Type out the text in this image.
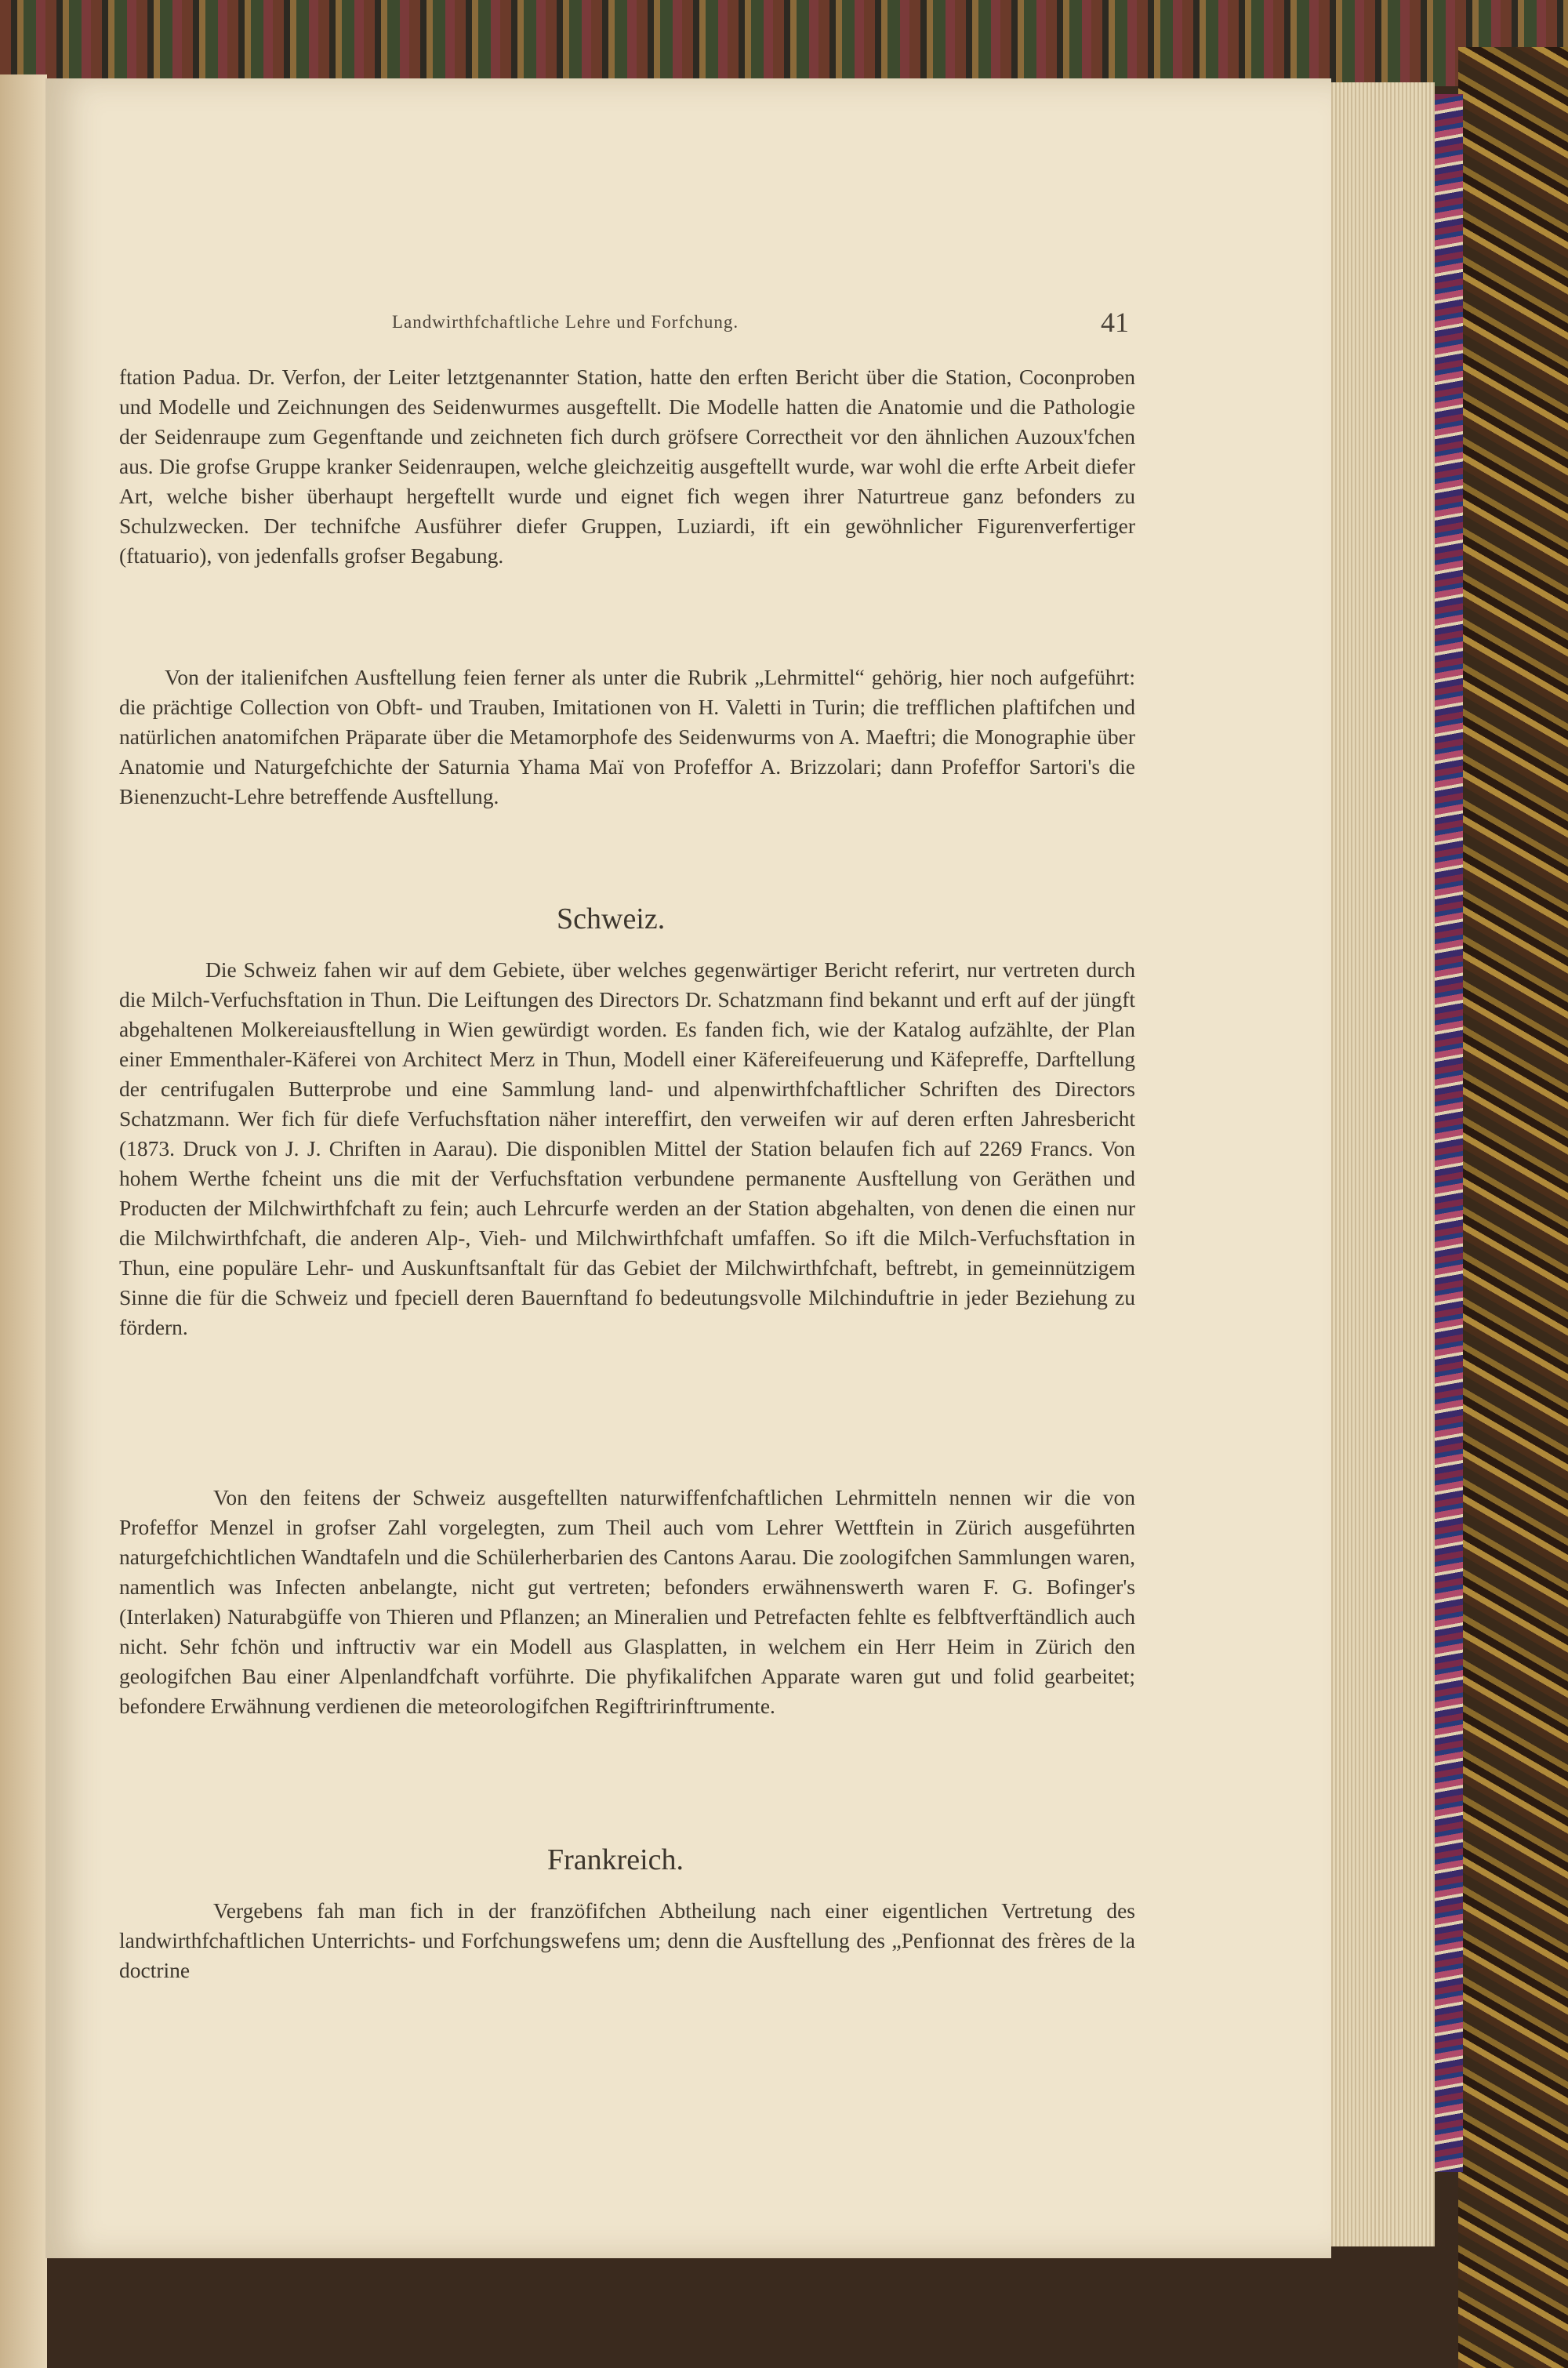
Landwirthfchaftliche Lehre und Forfchung.	41

ftation Padua. Dr. Verfon, der Leiter letztgenannter Station, hatte den erften Bericht über die Station, Coconproben und Modelle und Zeichnungen des Seidenwurmes ausgeftellt. Die Modelle hatten die Anatomie und die Pathologie der Seidenraupe zum Gegenftande und zeichneten fich durch gröfsere Correctheit vor den ähnlichen Auzoux'fchen aus. Die grofse Gruppe kranker Seidenraupen, welche gleichzeitig ausgeftellt wurde, war wohl die erfte Arbeit diefer Art, welche bisher überhaupt hergeftellt wurde und eignet fich wegen ihrer Naturtreue ganz befonders zu Schulzwecken. Der technifche Ausführer diefer Gruppen, Luziardi, ift ein gewöhnlicher Figurenverfertiger (ftatuario), von jedenfalls grofser Begabung.

Von der italienifchen Ausftellung feien ferner als unter die Rubrik „Lehrmittel“ gehörig, hier noch aufgeführt: die prächtige Collection von Obft- und Trauben, Imitationen von H. Valetti in Turin; die trefflichen plaftifchen und natürlichen anatomifchen Präparate über die Metamorphofe des Seidenwurms von A. Maeftri; die Monographie über Anatomie und Naturgefchichte der Saturnia Yhama Maï von Profeffor A. Brizzolari; dann Profeffor Sartori's die Bienenzucht-Lehre betreffende Ausftellung.

Schweiz.

Die Schweiz fahen wir auf dem Gebiete, über welches gegenwärtiger Bericht referirt, nur vertreten durch die Milch-Verfuchsftation in Thun. Die Leiftungen des Directors Dr. Schatzmann find bekannt und erft auf der jüngft abgehaltenen Molkereiausftellung in Wien gewürdigt worden. Es fanden fich, wie der Katalog aufzählte, der Plan einer Emmenthaler-Käferei von Architect Merz in Thun, Modell einer Käfereifeuerung und Käfepreffe, Darftellung der centrifugalen Butterprobe und eine Sammlung land- und alpenwirthfchaftlicher Schriften des Directors Schatzmann. Wer fich für diefe Verfuchsftation näher intereffirt, den verweifen wir auf deren erften Jahresbericht (1873. Druck von J. J. Chriften in Aarau). Die disponiblen Mittel der Station belaufen fich auf 2269 Francs. Von hohem Werthe fcheint uns die mit der Verfuchsftation verbundene permanente Ausftellung von Geräthen und Producten der Milchwirthfchaft zu fein; auch Lehrcurfe werden an der Station abgehalten, von denen die einen nur die Milchwirthfchaft, die anderen Alp-, Vieh- und Milchwirthfchaft umfaffen. So ift die Milch-Verfuchsftation in Thun, eine populäre Lehr- und Auskunftsanftalt für das Gebiet der Milchwirthfchaft, beftrebt, in gemeinnützigem Sinne die für die Schweiz und fpeciell deren Bauernftand fo bedeutungsvolle Milchinduftrie in jeder Beziehung zu fördern.

Von den feitens der Schweiz ausgeftellten naturwiffenfchaftlichen Lehrmitteln nennen wir die von Profeffor Menzel in grofser Zahl vorgelegten, zum Theil auch vom Lehrer Wettftein in Zürich ausgeführten naturgefchichtlichen Wandtafeln und die Schülerherbarien des Cantons Aarau. Die zoologifchen Sammlungen waren, namentlich was Infecten anbelangte, nicht gut vertreten; befonders erwähnenswerth waren F. G. Bofinger's (Interlaken) Naturabgüffe von Thieren und Pflanzen; an Mineralien und Petrefacten fehlte es felbftverftändlich auch nicht. Sehr fchön und inftructiv war ein Modell aus Glasplatten, in welchem ein Herr Heim in Zürich den geologifchen Bau einer Alpenlandfchaft vorführte. Die phyfikalifchen Apparate waren gut und folid gearbeitet; befondere Erwähnung verdienen die meteorologifchen Regiftririnftrumente.

Frankreich.

Vergebens fah man fich in der franzöfifchen Abtheilung nach einer eigentlichen Vertretung des landwirthfchaftlichen Unterrichts- und Forfchungswefens um; denn die Ausftellung des „Penfionnat des frères de la doctrine
